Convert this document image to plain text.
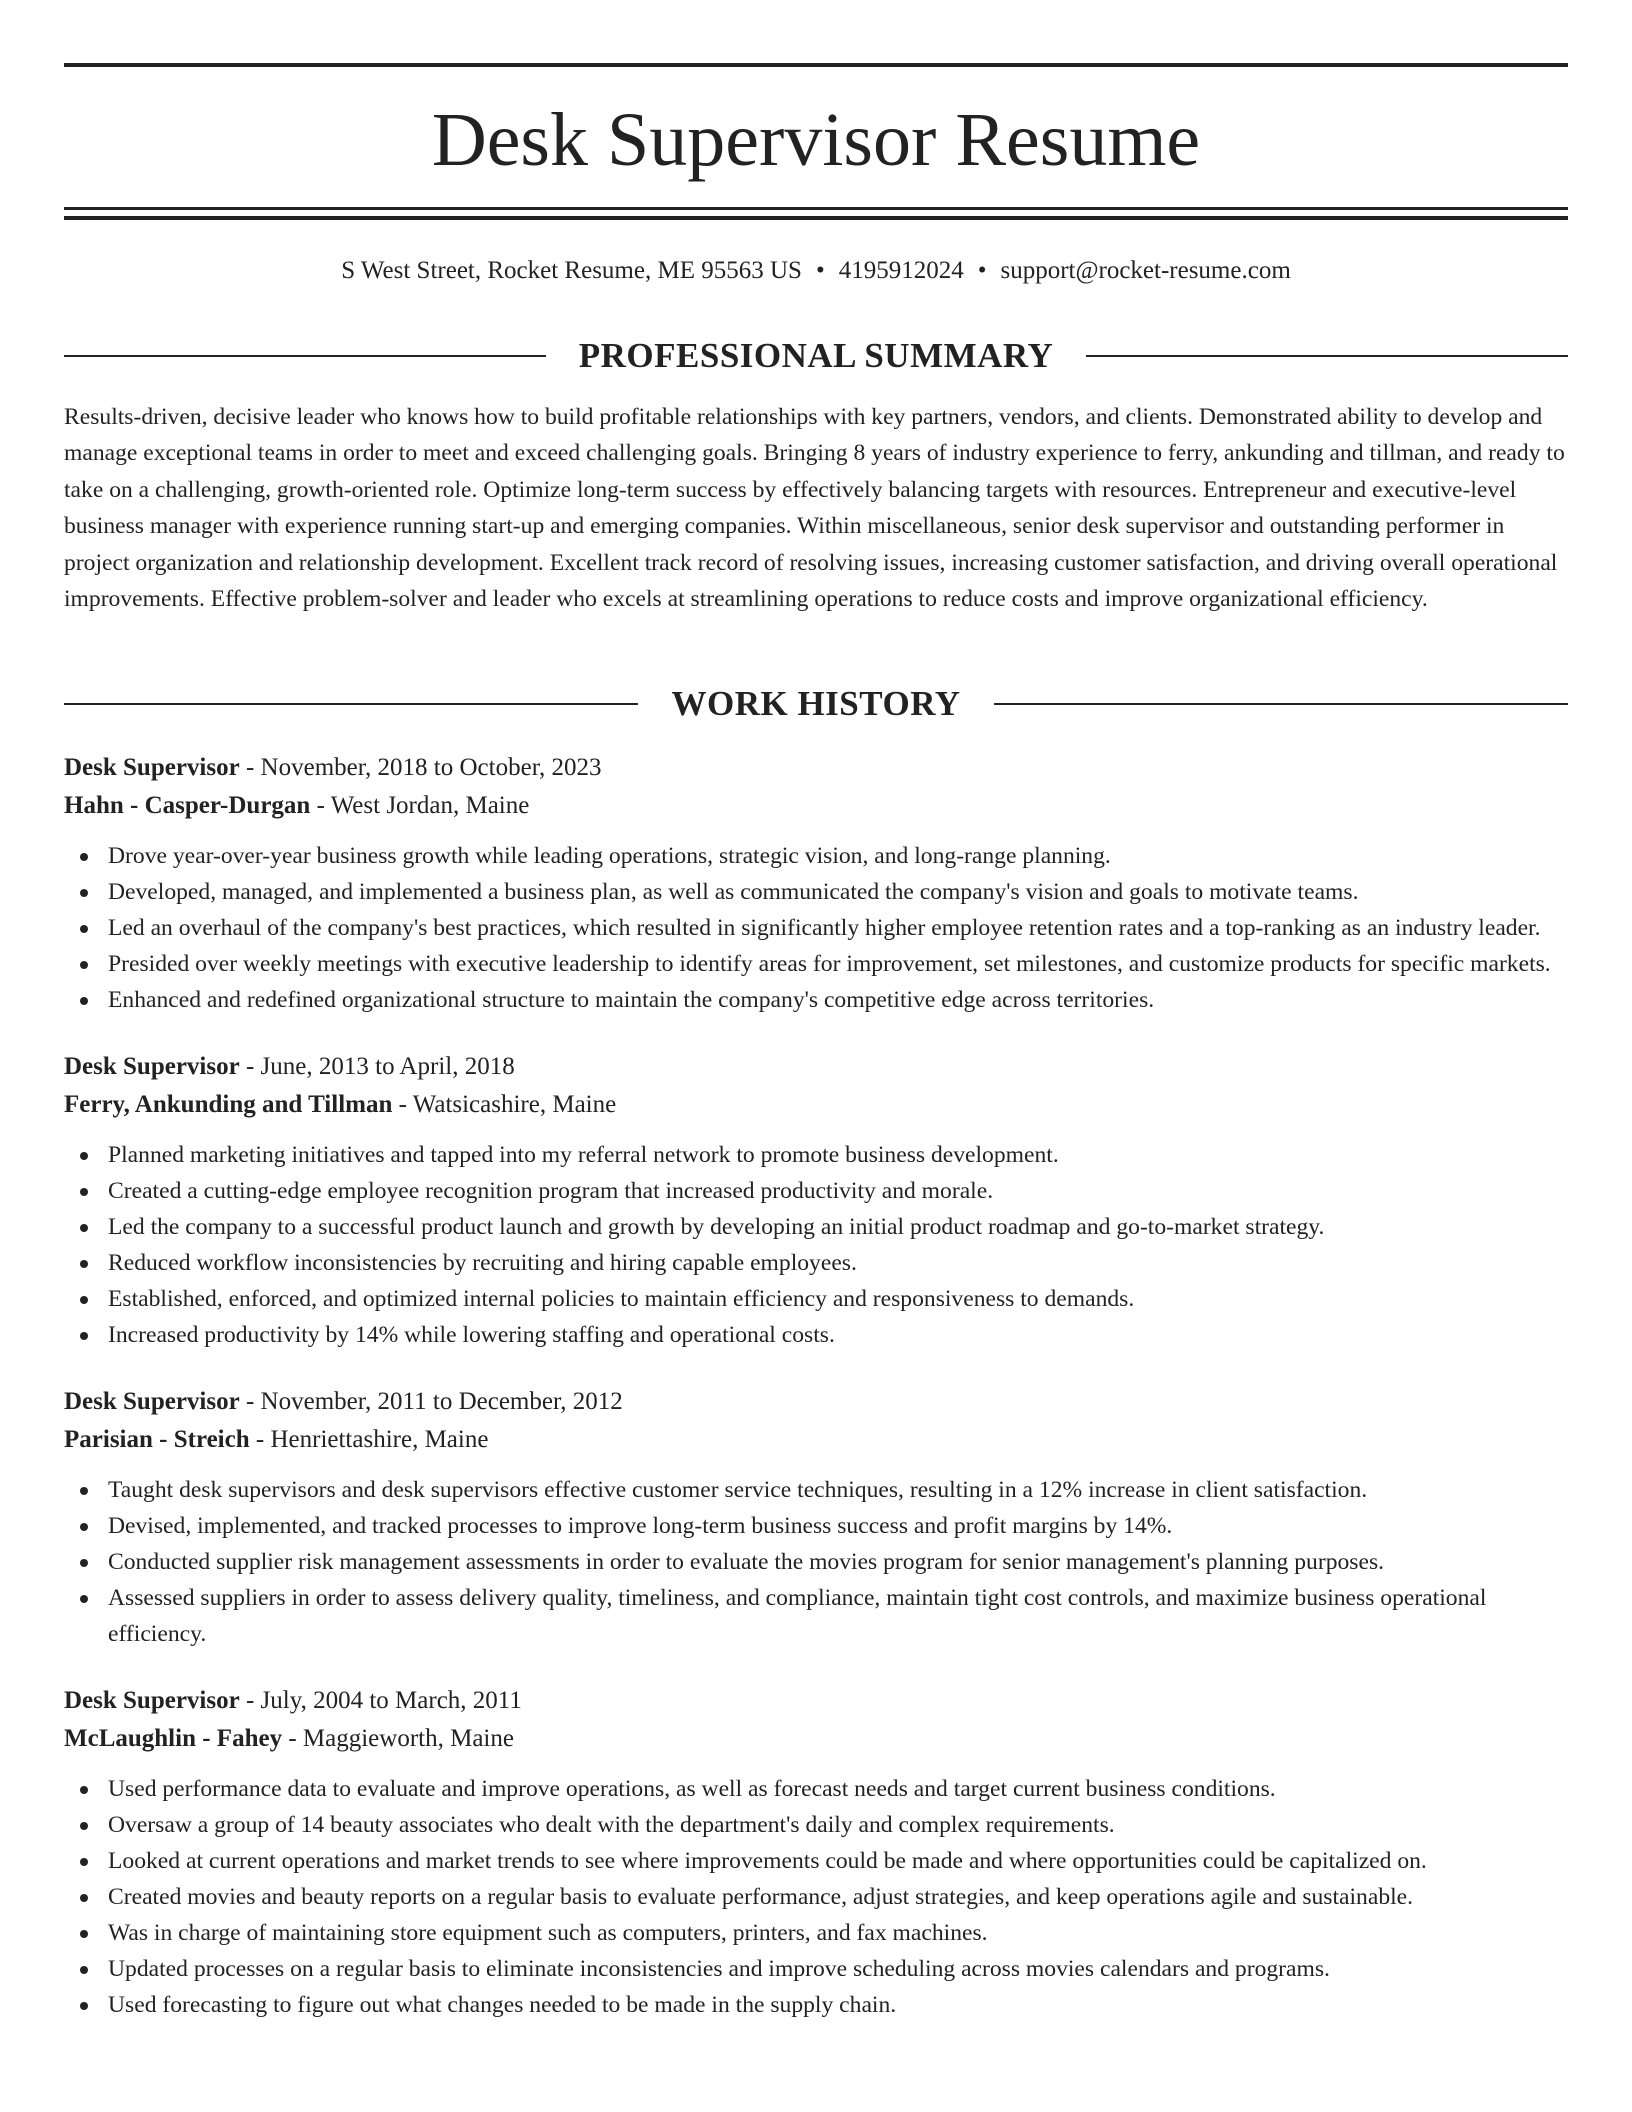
Desk Supervisor Resume
S West Street, Rocket Resume, ME 95563 US • 4195912024 • support@rocket-resume.com
PROFESSIONAL SUMMARY

Results-driven, decisive leader who knows how to build profitable relationships with key partners, vendors, and clients. Demonstrated ability to develop and manage exceptional teams in order to meet and exceed challenging goals. Bringing 8 years of industry experience to ferry, ankunding and tillman, and ready to take on a challenging, growth-oriented role. Optimize long-term success by effectively balancing targets with resources. Entrepreneur and executive-level business manager with experience running start-up and emerging companies. Within miscellaneous, senior desk supervisor and outstanding performer in project organization and relationship development. Excellent track record of resolving issues, increasing customer satisfaction, and driving overall operational improvements. Effective problem-solver and leader who excels at streamlining operations to reduce costs and improve organizational efficiency.

WORK HISTORY
Desk Supervisor - November, 2018 to October, 2023
Hahn - Casper-Durgan - West Jordan, Maine
Drove year-over-year business growth while leading operations, strategic vision, and long-range planning.
Developed, managed, and implemented a business plan, as well as communicated the company's vision and goals to motivate teams.
Led an overhaul of the company's best practices, which resulted in significantly higher employee retention rates and a top-ranking as an industry leader.
Presided over weekly meetings with executive leadership to identify areas for improvement, set milestones, and customize products for specific markets.
Enhanced and redefined organizational structure to maintain the company's competitive edge across territories.
Desk Supervisor - June, 2013 to April, 2018
Ferry, Ankunding and Tillman - Watsicashire, Maine
Planned marketing initiatives and tapped into my referral network to promote business development.
Created a cutting-edge employee recognition program that increased productivity and morale.
Led the company to a successful product launch and growth by developing an initial product roadmap and go-to-market strategy.
Reduced workflow inconsistencies by recruiting and hiring capable employees.
Established, enforced, and optimized internal policies to maintain efficiency and responsiveness to demands.
Increased productivity by 14% while lowering staffing and operational costs.
Desk Supervisor - November, 2011 to December, 2012
Parisian - Streich - Henriettashire, Maine
Taught desk supervisors and desk supervisors effective customer service techniques, resulting in a 12% increase in client satisfaction.
Devised, implemented, and tracked processes to improve long-term business success and profit margins by 14%.
Conducted supplier risk management assessments in order to evaluate the movies program for senior management's planning purposes.
Assessed suppliers in order to assess delivery quality, timeliness, and compliance, maintain tight cost controls, and maximize business operational efficiency.
Desk Supervisor - July, 2004 to March, 2011
McLaughlin - Fahey - Maggieworth, Maine
Used performance data to evaluate and improve operations, as well as forecast needs and target current business conditions.
Oversaw a group of 14 beauty associates who dealt with the department's daily and complex requirements.
Looked at current operations and market trends to see where improvements could be made and where opportunities could be capitalized on.
Created movies and beauty reports on a regular basis to evaluate performance, adjust strategies, and keep operations agile and sustainable.
Was in charge of maintaining store equipment such as computers, printers, and fax machines.
Updated processes on a regular basis to eliminate inconsistencies and improve scheduling across movies calendars and programs.
Used forecasting to figure out what changes needed to be made in the supply chain.
